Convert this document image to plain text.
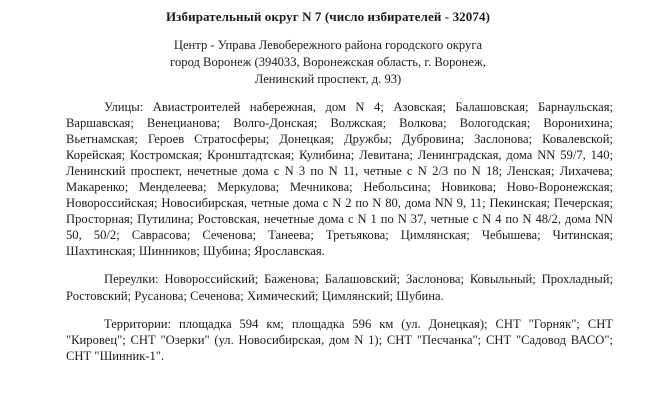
Избирательный округ N 7 (число избирателей - 32074)
Центр - Управа Левобережного района городского округа
город Воронеж (394033, Воронежская область, г. Воронеж,
Ленинский проспект, д. 93)

Улицы: Авиастроителей набережная, дом N 4; Азовская; Балашовская; Барнаульская; Варшавская; Венецианова; Волго-Донская; Волжская; Волкова; Вологодская; Воронихина; Вьетнамская; Героев Стратосферы; Донецкая; Дружбы; Дубровина; Заслонова; Ковалевской; Корейская; Костромская; Кронштадтская; Кулибина; Левитана; Ленинградская, дома NN 59/7, 140; Ленинский проспект, нечетные дома с N 3 по N 11, четные с N 2/3 по N 18; Ленская; Лихачева; Макаренко; Менделеева; Меркулова; Мечникова; Небольсина; Новикова; Ново-Воронежская; Новороссийская; Новосибирская, четные дома с N 2 по N 80, дома NN 9, 11; Пекинская; Печерская; Просторная; Путилина; Ростовская, нечетные дома с N 1 по N 37, четные с N 4 по N 48/2, дома NN 50, 50/2; Саврасова; Сеченова; Танеева; Третьякова; Цимлянская; Чебышева; Читинская; Шахтинская; Шинников; Шубина; Ярославская.

Переулки: Новороссийский; Баженова; Балашовский; Заслонова; Ковыльный; Прохладный; Ростовский; Русанова; Сеченова; Химический; Цимлянский; Шубина.

Территории: площадка 594 км; площадка 596 км (ул. Донецкая); СНТ "Горняк"; СНТ "Кировец"; СНТ "Озерки" (ул. Новосибирская, дом N 1); СНТ "Песчанка"; СНТ "Садовод ВАСО"; СНТ "Шинник-1".
